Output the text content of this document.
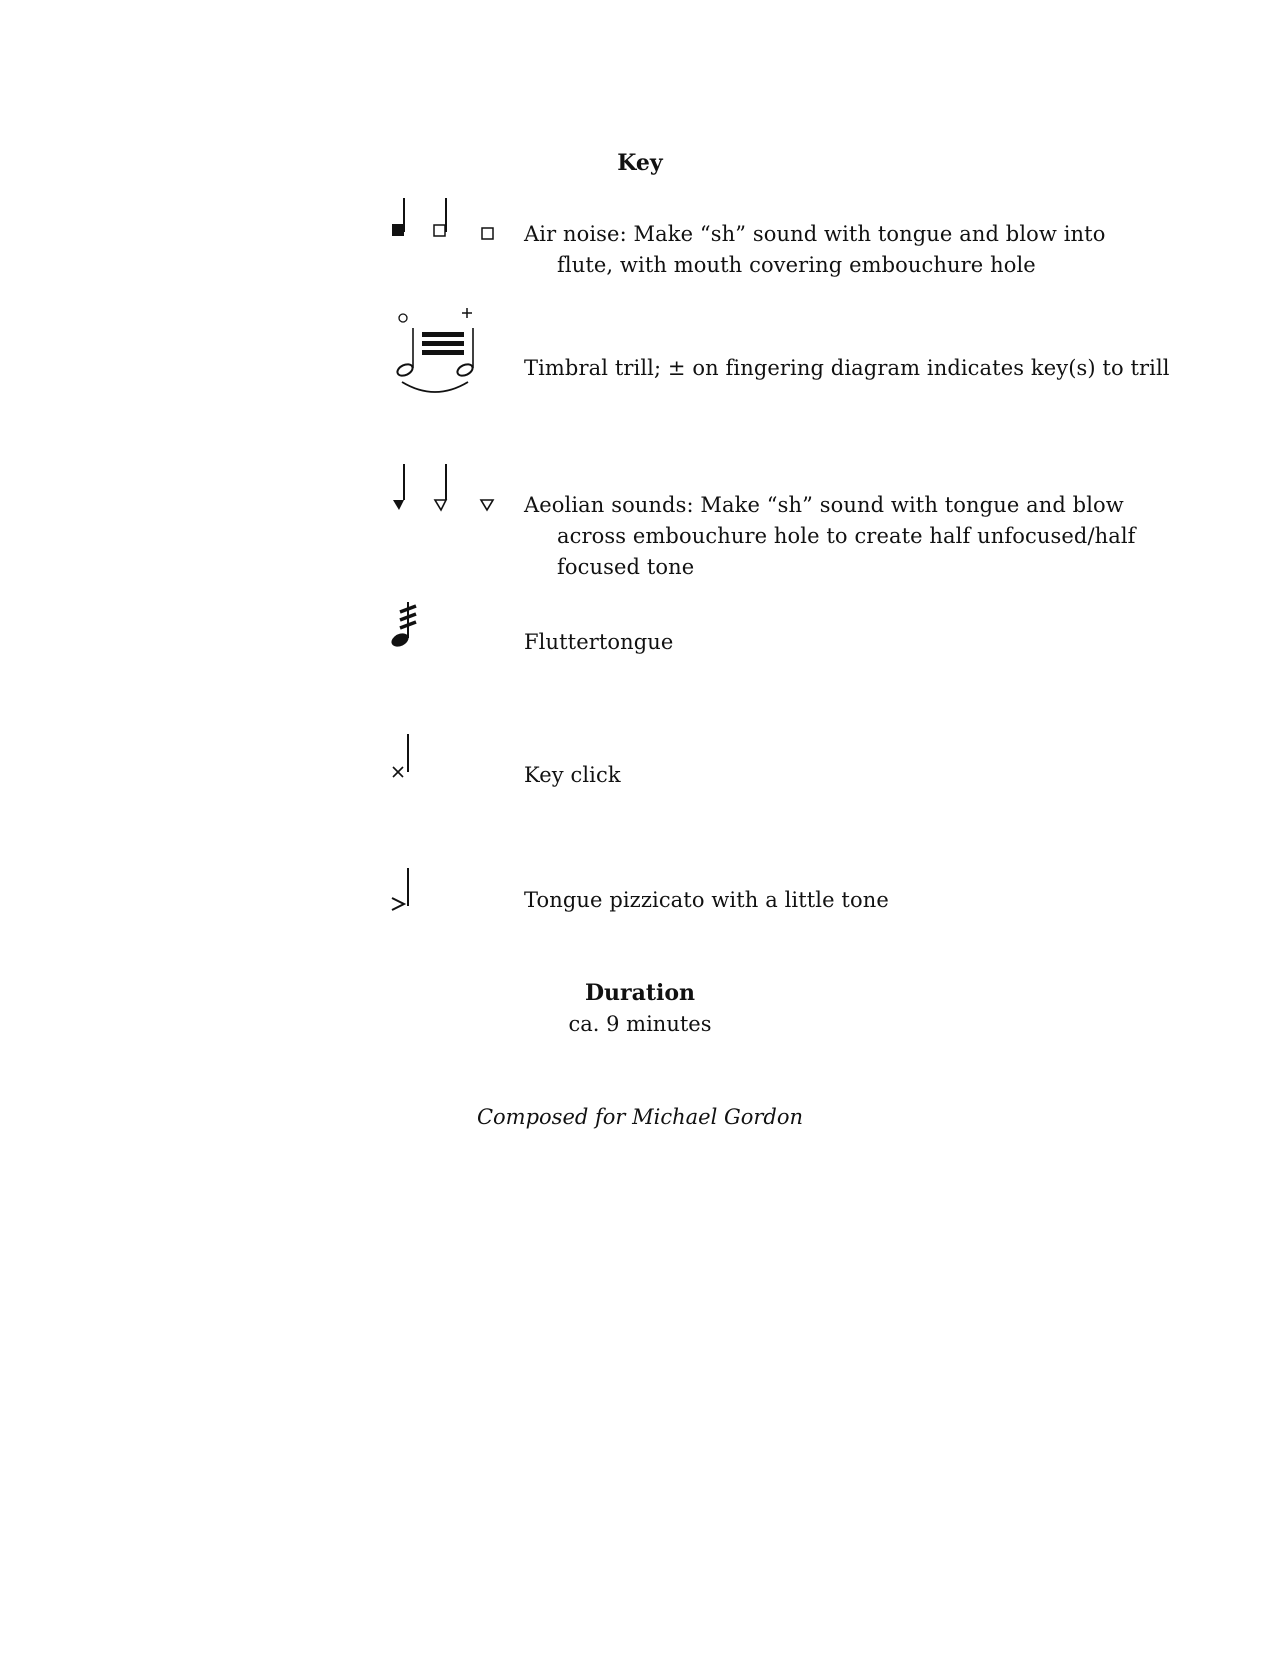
Key
Air noise: Make “sh” sound with tongue and blow into
flute, with mouth covering embouchure hole
Timbral trill; ± on fingering diagram indicates key(s) to trill
Aeolian sounds: Make “sh” sound with tongue and blow
across embouchure hole to create half unfocused/half
focused tone
Fluttertongue
Key click
Tongue pizzicato with a little tone
Duration
ca. 9 minutes
Composed for Michael Gordon
